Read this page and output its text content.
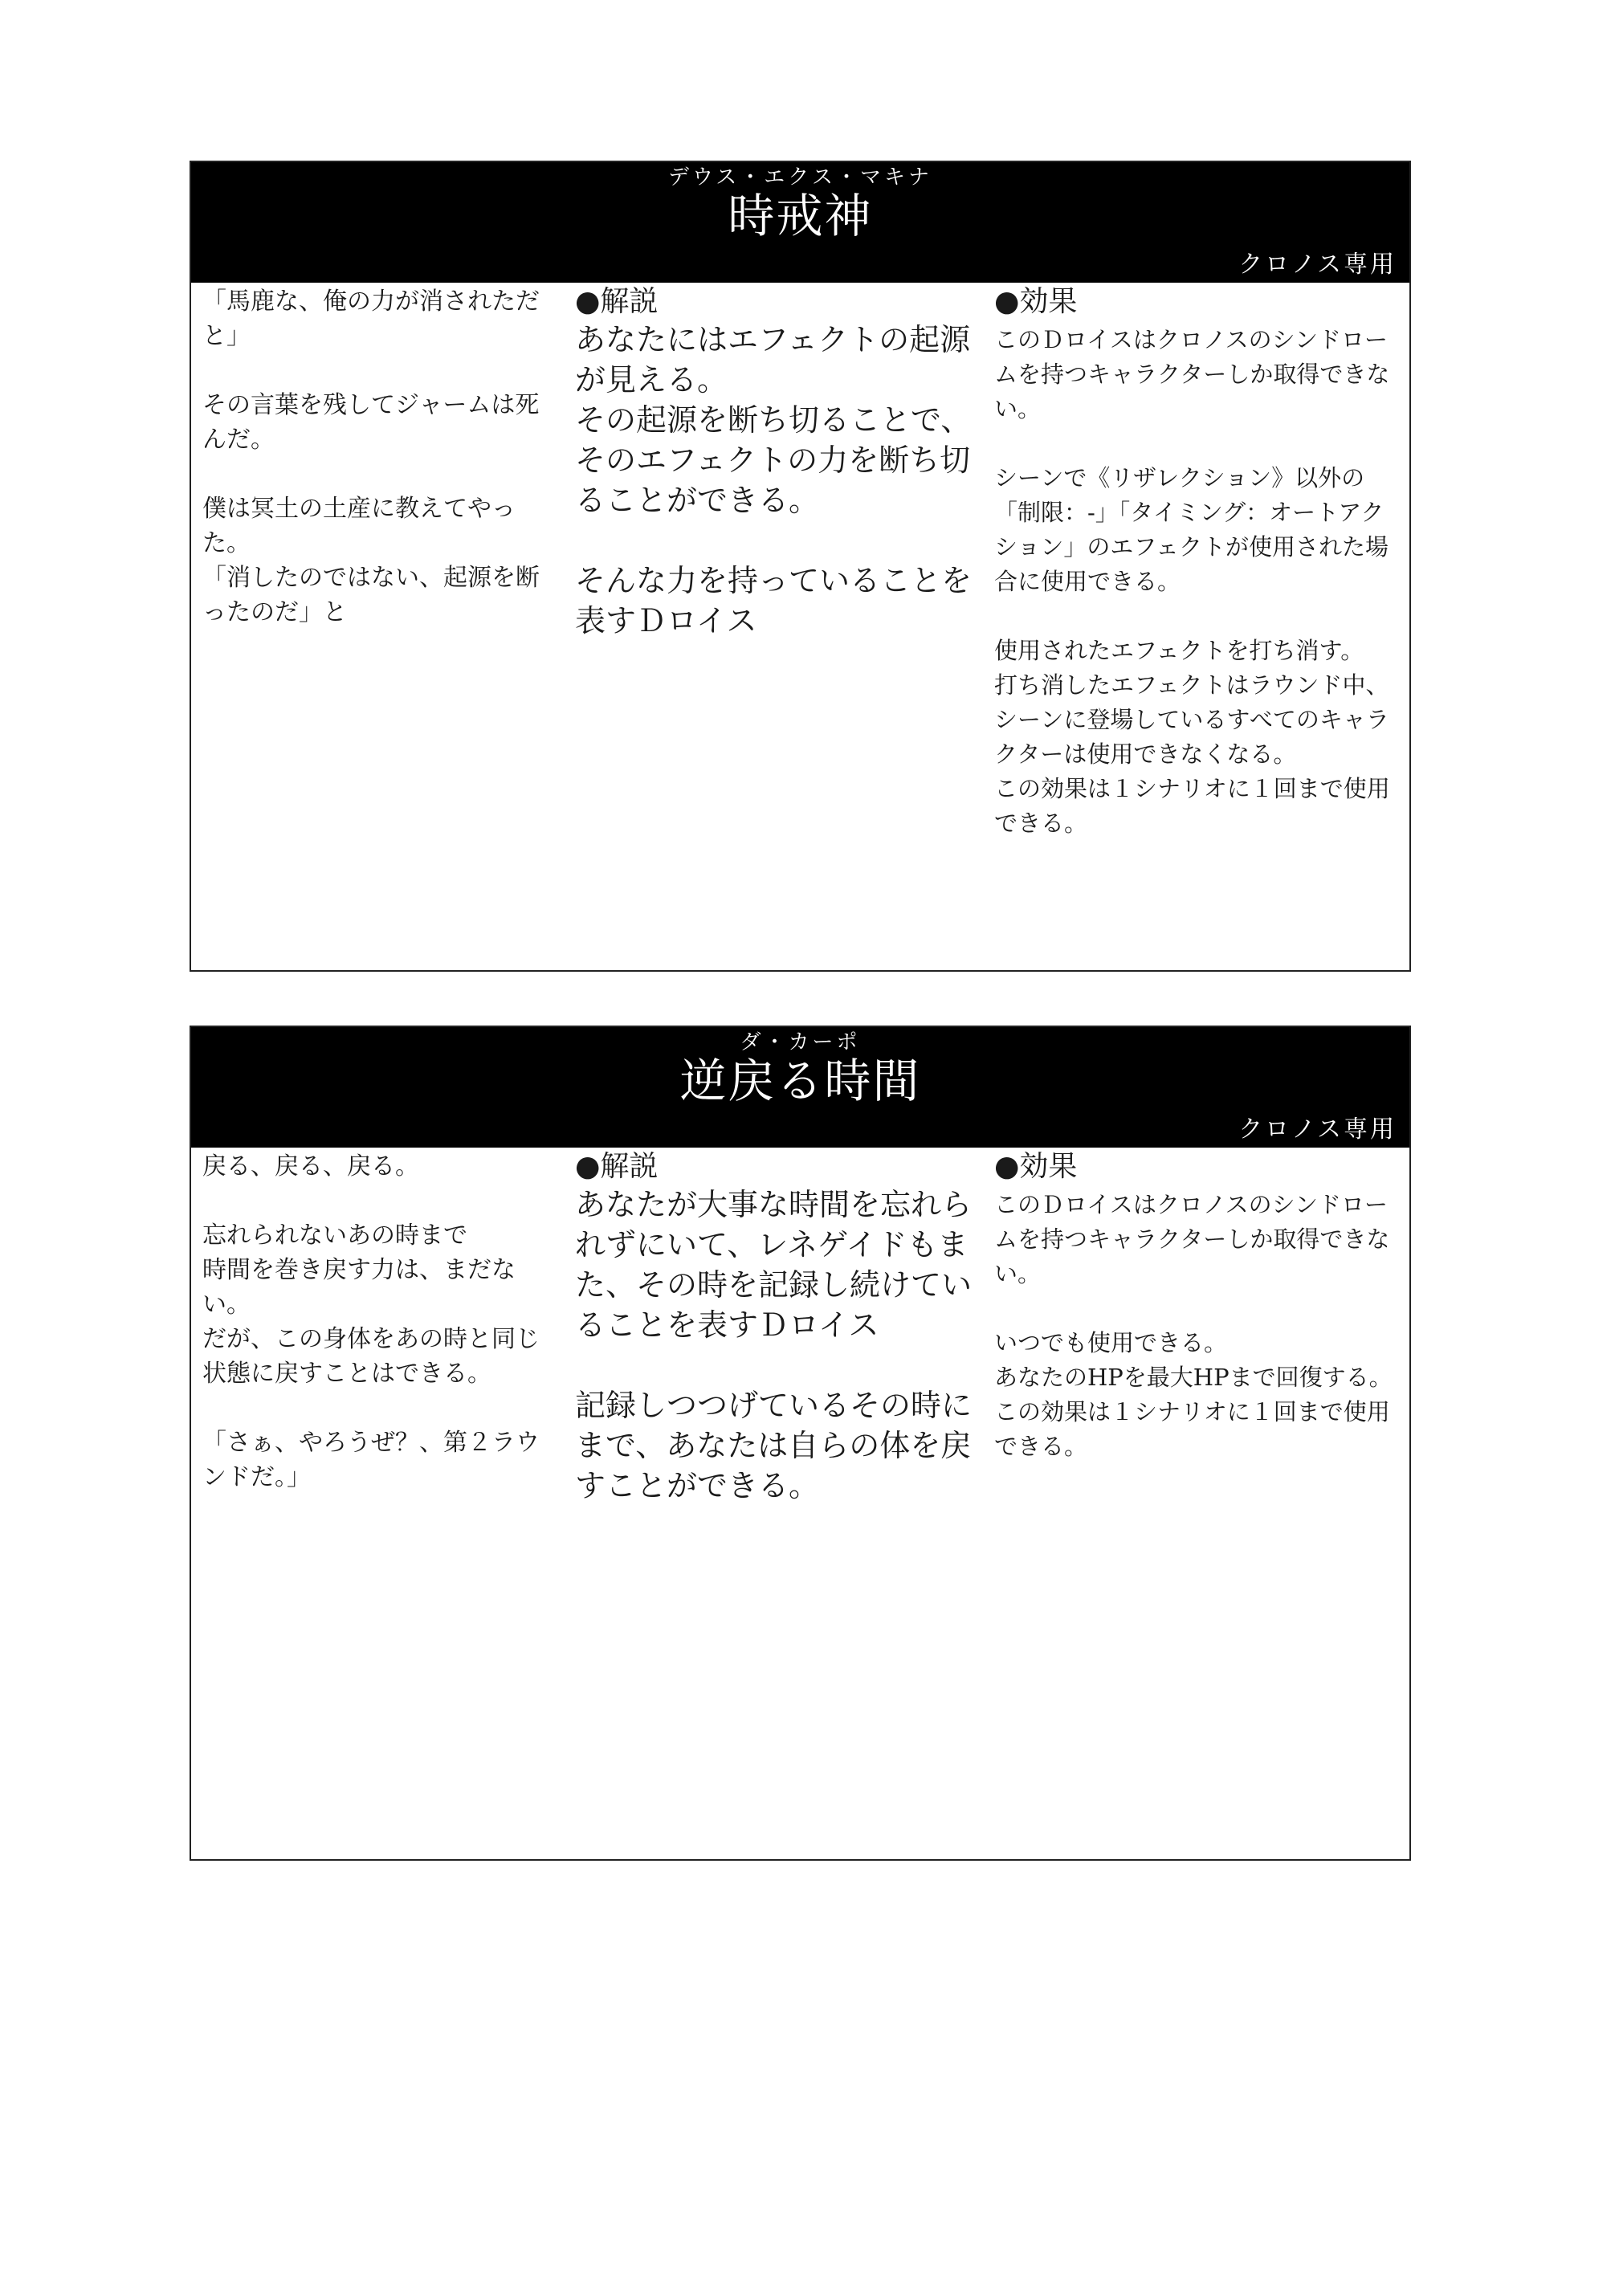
デウス・エクス・マキナ
時戒神
クロノス専用

「馬鹿な、俺の力が消されただと」

その言葉を残してジャームは死んだ。

僕は冥土の土産に教えてやった。
「消したのではない、起源を断ったのだ」と

●解説

あなたにはエフェクトの起源が見える。
その起源を断ち切ることで、そのエフェクトの力を断ち切ることができる。

そんな力を持っていることを表すＤロイス

●効果

このＤロイスはクロノスのシンドロームを持つキャラクターしか取得できない。

シーンで《リザレクション》以外の「制限：-」「タイミング：オートアクション」のエフェクトが使用された場合に使用できる。

使用されたエフェクトを打ち消す。
打ち消したエフェクトはラウンド中、シーンに登場しているすべてのキャラクターは使用できなくなる。
この効果は１シナリオに１回まで使用できる。

ダ・カーポ
逆戻る時間
クロノス専用

戻る、戻る、戻る。

忘れられないあの時まで
時間を巻き戻す力は、まだない。
だが、この身体をあの時と同じ状態に戻すことはできる。

「さぁ、やろうぜ？、第２ラウンドだ。」

●解説

あなたが大事な時間を忘れられずにいて、レネゲイドもまた、その時を記録し続けていることを表すＤロイス

記録しつつげているその時にまで、あなたは自らの体を戻すことができる。

●効果

このＤロイスはクロノスのシンドロームを持つキャラクターしか取得できない。

いつでも使用できる。
あなたのHPを最大HPまで回復する。
この効果は１シナリオに１回まで使用できる。
